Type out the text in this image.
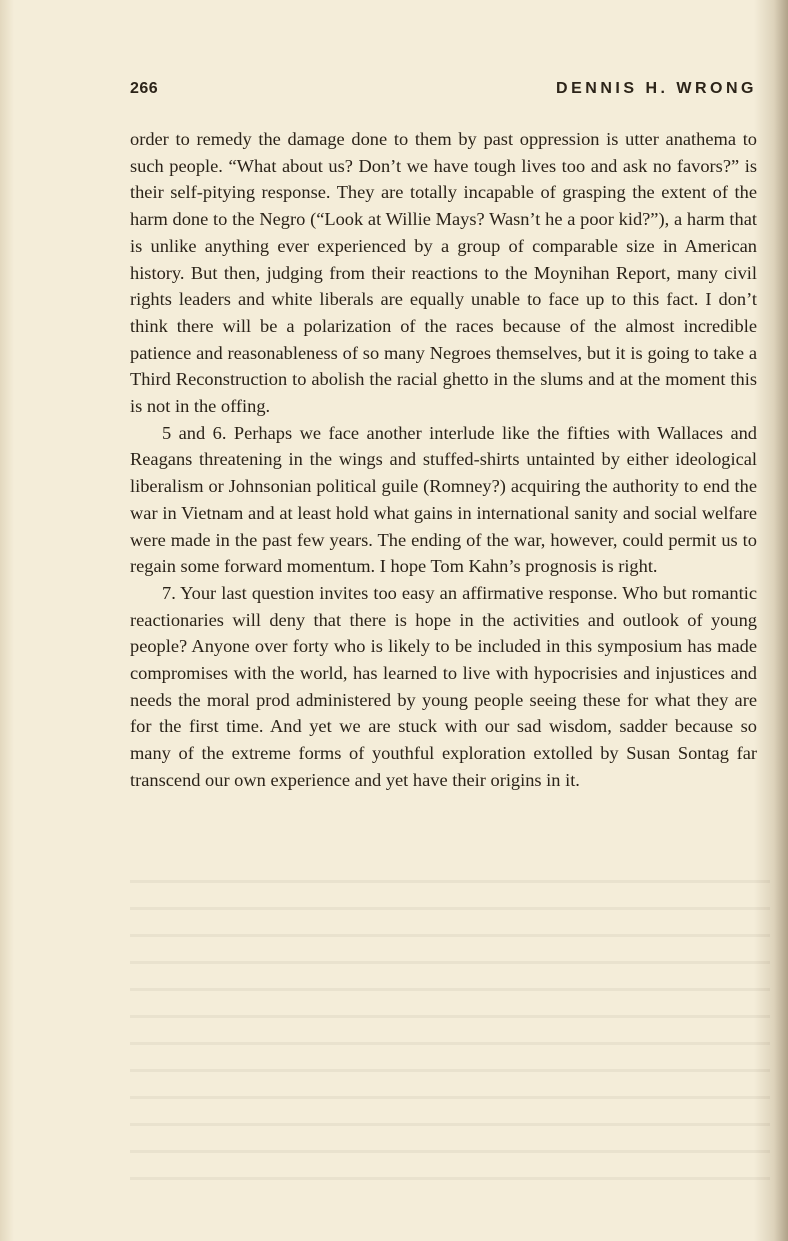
266	DENNIS H. WRONG

order to remedy the damage done to them by past oppression is utter anathema to such people. “What about us? Don’t we have tough lives too and ask no favors?” is their self-pitying response. They are totally incapable of grasping the extent of the harm done to the Negro (“Look at Willie Mays? Wasn’t he a poor kid?”), a harm that is unlike anything ever experienced by a group of comparable size in American history. But then, judging from their reactions to the Moynihan Report, many civil rights leaders and white liberals are equally unable to face up to this fact. I don’t think there will be a polarization of the races because of the almost incredible patience and reasonableness of so many Negroes themselves, but it is going to take a Third Reconstruction to abolish the racial ghetto in the slums and at the moment this is not in the offing.

5 and 6. Perhaps we face another interlude like the fifties with Wallaces and Reagans threatening in the wings and stuffed-shirts untainted by either ideological liberalism or Johnsonian political guile (Romney?) acquiring the authority to end the war in Vietnam and at least hold what gains in international sanity and social welfare were made in the past few years. The ending of the war, however, could permit us to regain some forward momentum. I hope Tom Kahn’s prognosis is right.

7. Your last question invites too easy an affirmative response. Who but romantic reactionaries will deny that there is hope in the activities and outlook of young people? Anyone over forty who is likely to be included in this symposium has made compromises with the world, has learned to live with hypocrisies and injustices and needs the moral prod administered by young people seeing these for what they are for the first time. And yet we are stuck with our sad wisdom, sadder because so many of the extreme forms of youthful exploration extolled by Susan Sontag far transcend our own experience and yet have their origins in it.
